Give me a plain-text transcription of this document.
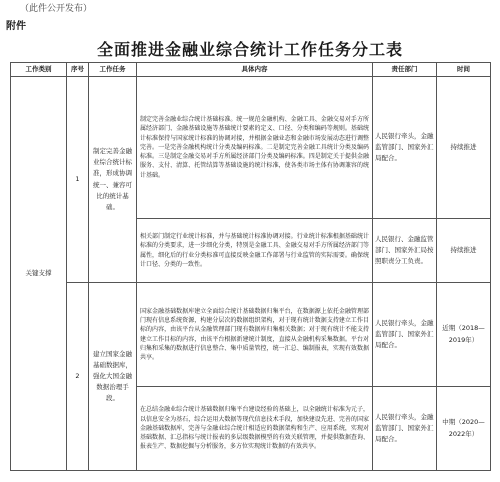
（此件公开发布）
附件
全面推进金融业综合统计工作任务分工表
工作类别	序号	工作任务	具体内容	责任部门	时间
关键支撑	1	制定完善金融业综合统计标准，形成协调统一、兼容可比的统计基础。	制定完善金融业综合统计基础标准。统一规范金融机构、金融工具、金融交易对手方所属经济部门、金融基础设施等基础统计要素的定义、口径、分类和编码等规则。基础统计标准保持与国家统计标准的协调对接，并根据金融业态和金融市场发展动态进行调整完善。一是完善金融机构统计分类及编码标准。二是制定完善金融工具统计分类及编码标准。三是制定金融交易对手方所属经济部门分类及编码标准。四是制定关于提供金融服务、支付、清算、托管结算等基础设施的统计标准，使各类市场主体有协调兼容的统计基础。	人民银行牵头，金融监管部门、国家外汇局配合。	持续推进
			相关部门制定行业统计标准，并与基础统计标准协调对接。行业统计标准根据基础统计标准的分类要求，进一步细化分类，特别是金融工具、金融交易对手方所属经济部门等属性，细化后的行业分类标准可直接反映金融工作部署与行业监管的实际需要。确保统计口径、分类的一致性。	人民银行、金融监管部门、国家外汇局按照职责分工负责。	持续推进
	2	建立国家金融基础数据库，强化大国金融数据治理手段。	国家金融基础数据库建立全面综合统计基础数据归集平台，在数据源上依托金融管理部门现有信息系统资源，构建分层次的数据组织架构，对于现有统计数据支持建立工作目标的内容，由该平台从金融管理部门现有数据库归集相关数据；对于现有统计不能支持建立工作目标的内容，由该平台根据新建统计制度，直接从金融机构采集数据。平台对归集和采集的数据进行信息整合、集中质量管控，统一汇总、编制报表，实现有效数据共享。	人民银行牵头，金融监管部门、国家外汇局配合。	近期（2018—2019年）
			在总结金融业综合统计基础数据归集平台建设经验的基础上，以全融统计标准为元子，以信息安全为基石，综合运用大数据等现代信息技术手段，加快建设先进、完善的国家金融基础数据库，完善与金融业综合统计相适应的数据架构和生产、应用系统，实现对基础数据、汇总指标与统计报表的多层级数据模型的有效关联管理，并提供数据查询、报表生产、数据挖掘与分析服务，多方位实现统计数据的有效共享。	人民银行牵头，金融监管部门、国家外汇局配合。	中期（2020—2022年）
